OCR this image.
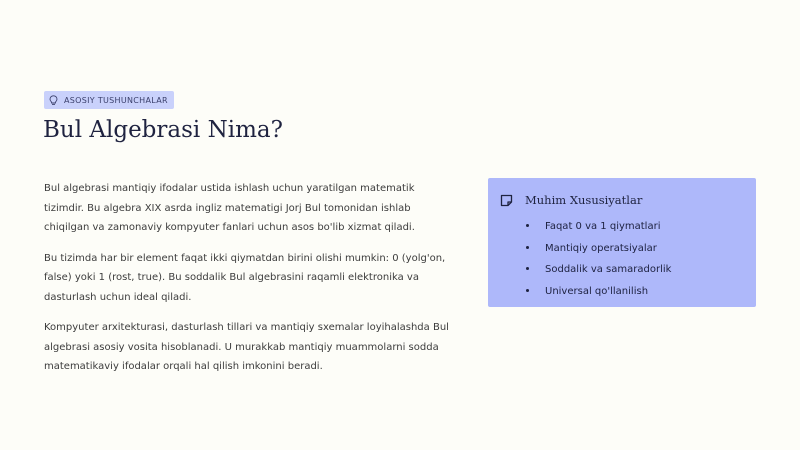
ASOSIY TUSHUNCHALAR
Bul Algebrasi Nima?

Bul algebrasi mantiqiy ifodalar ustida ishlash uchun yaratilgan matematik tizimdir. Bu algebra XIX asrda ingliz matematigi Jorj Bul tomonidan ishlab chiqilgan va zamonaviy kompyuter fanlari uchun asos bo'lib xizmat qiladi.

Bu tizimda har bir element faqat ikki qiymatdan birini olishi mumkin: 0 (yolg'on, false) yoki 1 (rost, true). Bu soddalik Bul algebrasini raqamli elektronika va dasturlash uchun ideal qiladi.

Kompyuter arxitekturasi, dasturlash tillari va mantiqiy sxemalar loyihalashda Bul algebrasi asosiy vosita hisoblanadi. U murakkab mantiqiy muammolarni sodda matematikaviy ifodalar orqali hal qilish imkonini beradi.

Muhim Xususiyatlar
Faqat 0 va 1 qiymatlari
Mantiqiy operatsiyalar
Soddalik va samaradorlik
Universal qo'llanilish
